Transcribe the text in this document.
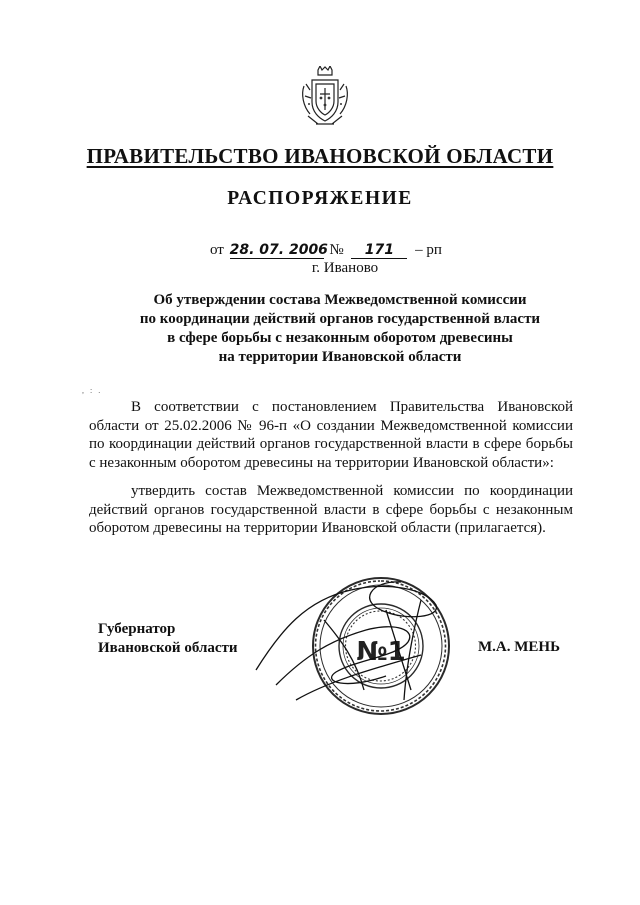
ПРАВИТЕЛЬСТВО ИВАНОВСКОЙ ОБЛАСТИ
РАСПОРЯЖЕНИЕ
от 28. 07. 2006 № 171 – рп
г. Иваново
Об утверждении состава Межведомственной комиссии
по координации действий органов государственной власти
в сфере борьбы с незаконным оборотом древесины
на территории Ивановской области
, : .

В соответствии с постановлением Правительства Ивановской области от 25.02.2006 № 96-п «О создании Межведомственной комиссии по координации действий органов государственной власти в сфере борьбы с незаконным оборотом древесины на территории Ивановской области»:

утвердить состав Межведомственной комиссии по координации действий органов государственной власти в сфере борьбы с незаконным оборотом древесины на территории Ивановской области (прилагается).

Губернатор
Ивановской области	№1	М.А. МЕНЬ
